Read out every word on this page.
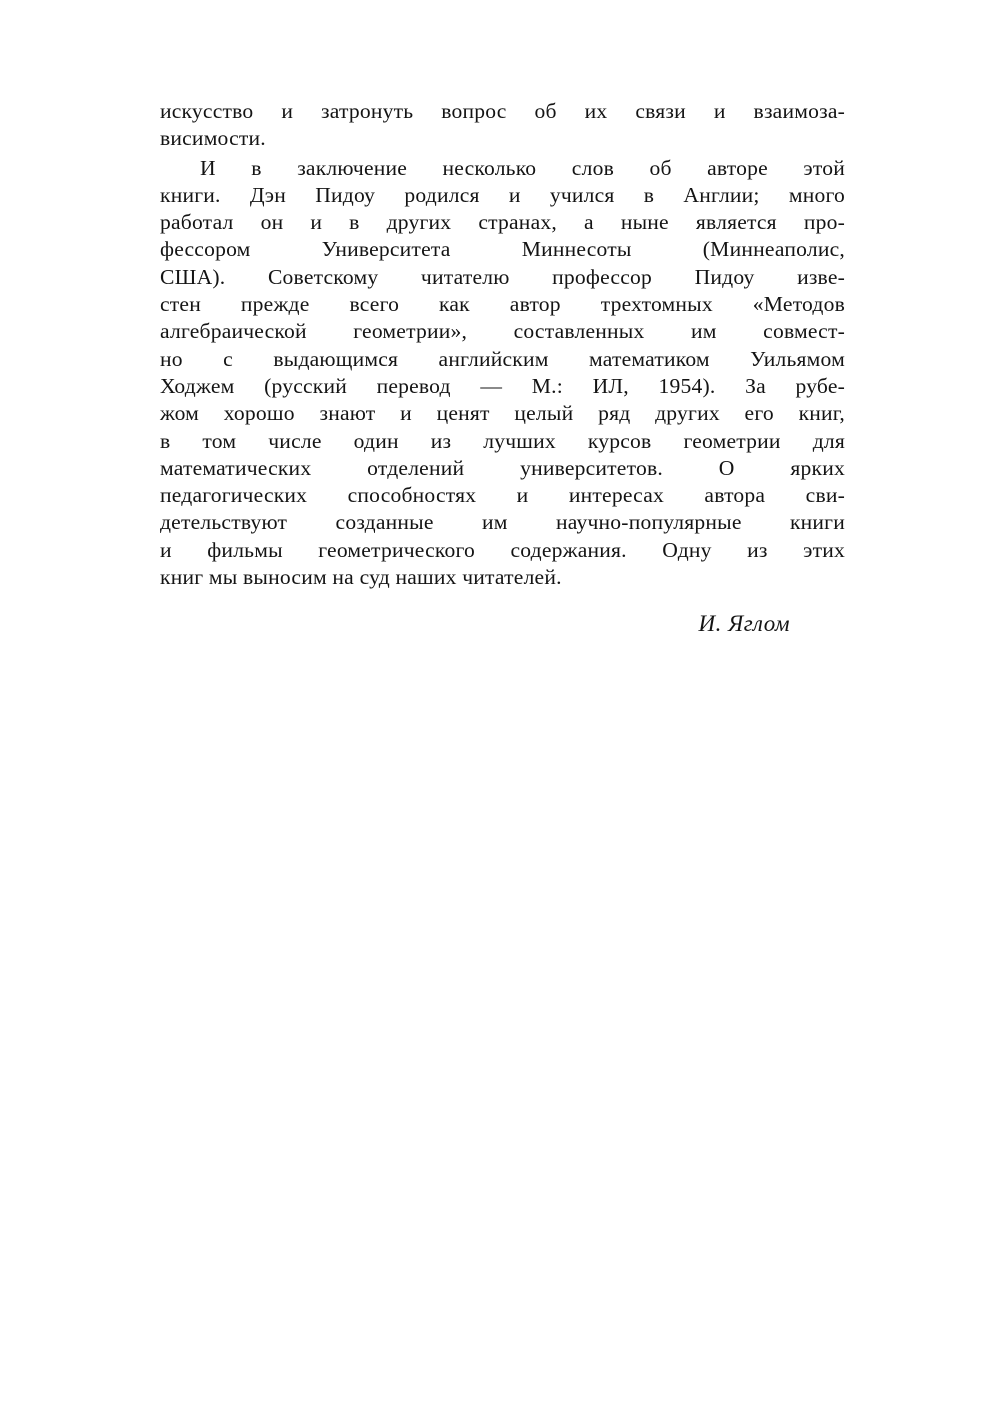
искусство и затронуть вопрос об их связи и взаимоза-
висимости.
И в заключение несколько слов об авторе этой
книги. Дэн Пидоу родился и учился в Англии; много
работал он и в других странах, а ныне является про-
фессором Университета Миннесоты (Миннеаполис,
США). Советскому читателю профессор Пидоу изве-
стен прежде всего как автор трехтомных «Методов
алгебраической геометрии», составленных им совмест-
но с выдающимся английским математиком Уильямом
Ходжем (русский перевод — М.: ИЛ, 1954). За рубе-
жом хорошо знают и ценят целый ряд других его книг,
в том числе один из лучших курсов геометрии для
математических отделений университетов. О ярких
педагогических способностях и интересах автора сви-
детельствуют созданные им научно-популярные книги
и фильмы геометрического содержания. Одну из этих
книг мы выносим на суд наших читателей.
И. Яглом
